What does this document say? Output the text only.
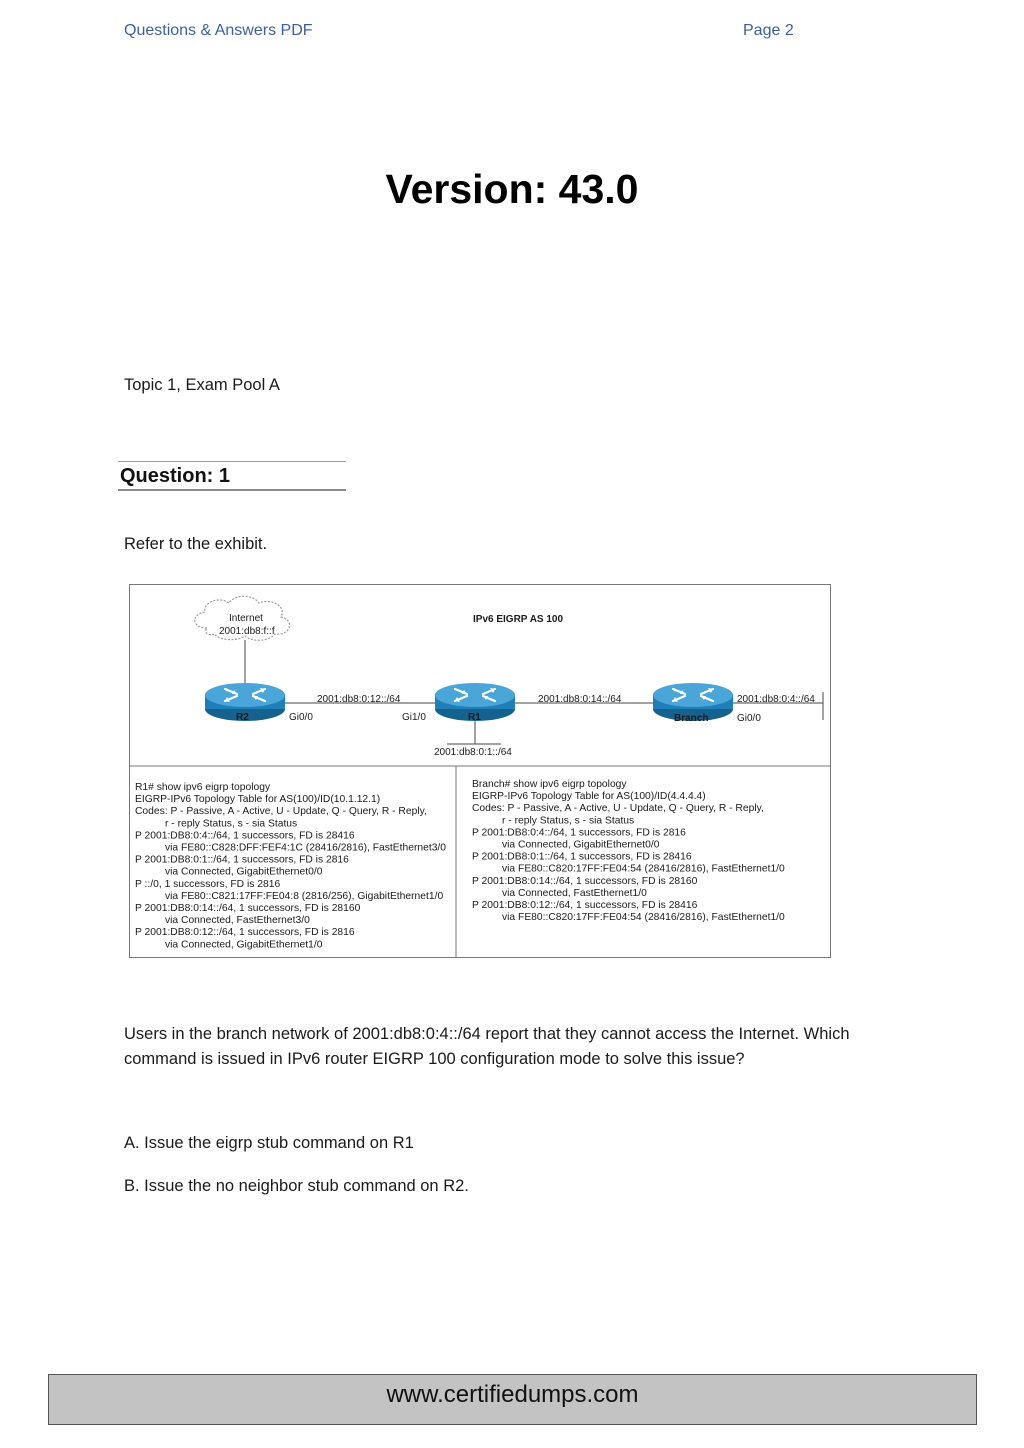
Questions & Answers PDF	Page 2
Version: 43.0
Topic 1, Exam Pool A
Question: 1
Refer to the exhibit.
IPv6 EIGRP AS 100
Internet
2001:db8:f::f
R2	R1	Branch
2001:db8:0:12::/64	2001:db8:0:14::/64	2001:db8:0:4::/64
2001:db8:0:1::/64
Gi0/0	Gi1/0	Gi0/0
R1# show ipv6 eigrp topology
EIGRP-IPv6 Topology Table for AS(100)/ID(10.1.12.1)
Codes: P - Passive, A - Active, U - Update, Q - Query, R - Reply,
r - reply Status, s - sia Status
P 2001:DB8:0:4::/64, 1 successors, FD is 28416
via FE80::C828:DFF:FEF4:1C (28416/2816), FastEthernet3/0
P 2001:DB8:0:1::/64, 1 successors, FD is 2816
via Connected, GigabitEthernet0/0
P ::/0, 1 successors, FD is 2816
via FE80::C821:17FF:FE04:8 (2816/256), GigabitEthernet1/0
P 2001:DB8:0:14::/64, 1 successors, FD is 28160
via Connected, FastEthernet3/0
P 2001:DB8:0:12::/64, 1 successors, FD is 2816
via Connected, GigabitEthernet1/0
Branch# show ipv6 eigrp topology
EIGRP-IPv6 Topology Table for AS(100)/ID(4.4.4.4)
Codes: P - Passive, A - Active, U - Update, Q - Query, R - Reply,
r - reply Status, s - sia Status
P 2001:DB8:0:4::/64, 1 successors, FD is 2816
via Connected, GigabitEthernet0/0
P 2001:DB8:0:1::/64, 1 successors, FD is 28416
via FE80::C820:17FF:FE04:54 (28416/2816), FastEthernet1/0
P 2001:DB8:0:14::/64, 1 successors, FD is 28160
via Connected, FastEthernet1/0
P 2001:DB8:0:12::/64, 1 successors, FD is 28416
via FE80::C820:17FF:FE04:54 (28416/2816), FastEthernet1/0
Users in the branch network of 2001:db8:0:4::/64 report that they cannot access the Internet. Which command is issued in IPv6 router EIGRP 100 configuration mode to solve this issue?
A. Issue the eigrp stub command on R1
B. Issue the no neighbor stub command on R2.
www.certifiedumps.com
